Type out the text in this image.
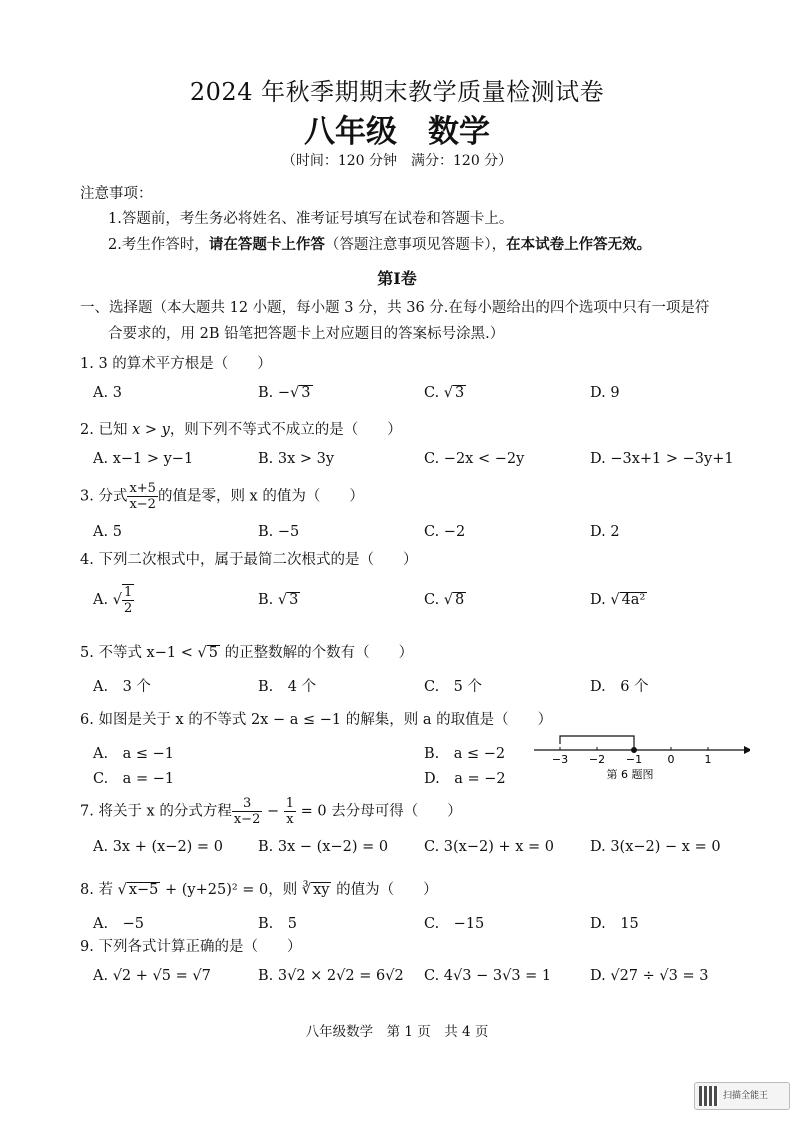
2024 年秋季期期末教学质量检测试卷
八年级　数学
（时间：120 分钟　满分：120 分）
注意事项：
1.答题前，考生务必将姓名、准考证号填写在试卷和答题卡上。
2.考生作答时，请在答题卡上作答（答题注意事项见答题卡），在本试卷上作答无效。
第Ⅰ卷
一、选择题（本大题共 12 小题，每小题 3 分，共 36 分.在每小题给出的四个选项中只有一项是符
合要求的，用 2B 铅笔把答题卡上对应题目的答案标号涂黑.）
1. 3 的算术平方根是（　　）
A. 3	B. −√ 3	C. √ 3	D. 9
2. 已知 x > y，则下列不等式不成立的是（　　）
A. x−1 > y−1	B. 3x > 3y	C. −2x < −2y	D. −3x+1 > −3y+1
3. 分式 $\frac{x+5}{x-2}$ 的值是零，则 x 的值为（　　）
A. 5	B. −5	C. −2	D. 2
4. 下列二次根式中，属于最简二次根式的是（　　）
A. √ $\frac{1}{2}$	B. √ 3	C. √ 8	D. √ 4a²
5. 不等式 x−1 < √ 5 的正整数解的个数有（　　）
A.　3 个	B.　4 个	C.　5 个	D.　6 个
6. 如图是关于 x 的不等式 2x − a ≤ −1 的解集，则 a 的取值是（　　）
A.　a ≤ −1	B.　a ≤ −2
C.　a = −1	D.　a = −2
−3 −2 −1 0	1
第 6 题图
7. 将关于 x 的分式方程 $\frac{3}{x-2} - \frac{1}{x} = 0$ 去分母可得（　　）
A. 3x + (x−2) = 0 B. 3x − (x−2) = 0 C. 3(x−2) + x = 0 D. 3(x−2) − x = 0
8. 若 √ x−5 + (y+25)² = 0，则 ∛ xy 的值为（　　）
A.　−5	B.　5	C.　−15	D.　15
9. 下列各式计算正确的是（　　）
A. √2 + √5 = √7	B. 3√2 × 2√2 = 6√2 C. 4√3 − 3√3 = 1	D. √27 ÷ √3 = 3
八年级数学　第 1 页　共 4 页
扫描全能王
